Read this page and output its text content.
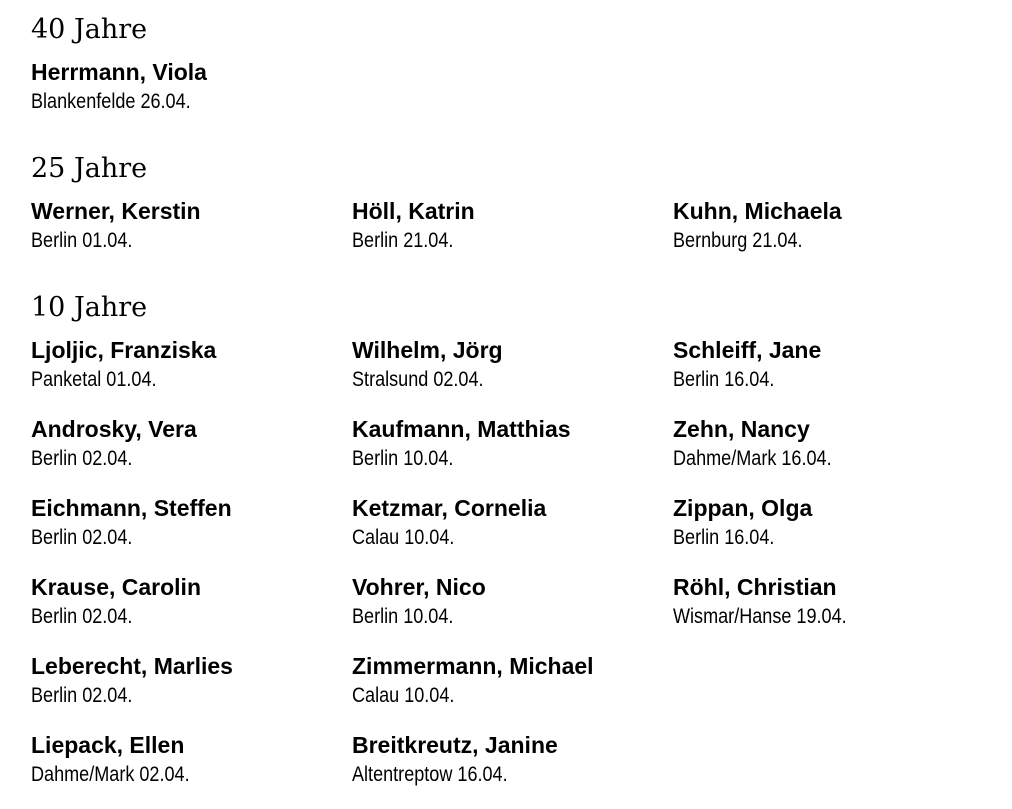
40 Jahre
Herrmann, Viola
Blankenfelde 26.04.
25 Jahre
Werner, Kerstin
Berlin 01.04.
Höll, Katrin
Berlin 21.04.
Kuhn, Michaela
Bernburg 21.04.
10 Jahre
Ljoljic, Franziska
Panketal 01.04.
Wilhelm, Jörg
Stralsund 02.04.
Schleiff, Jane
Berlin 16.04.
Androsky, Vera
Berlin 02.04.
Kaufmann, Matthias
Berlin 10.04.
Zehn, Nancy
Dahme/Mark 16.04.
Eichmann, Steffen
Berlin 02.04.
Ketzmar, Cornelia
Calau 10.04.
Zippan, Olga
Berlin 16.04.
Krause, Carolin
Berlin 02.04.
Vohrer, Nico
Berlin 10.04.
Röhl, Christian
Wismar/Hanse 19.04.
Leberecht, Marlies
Berlin 02.04.
Zimmermann, Michael
Calau 10.04.
Liepack, Ellen
Dahme/Mark 02.04.
Breitkreutz, Janine
Altentreptow 16.04.
